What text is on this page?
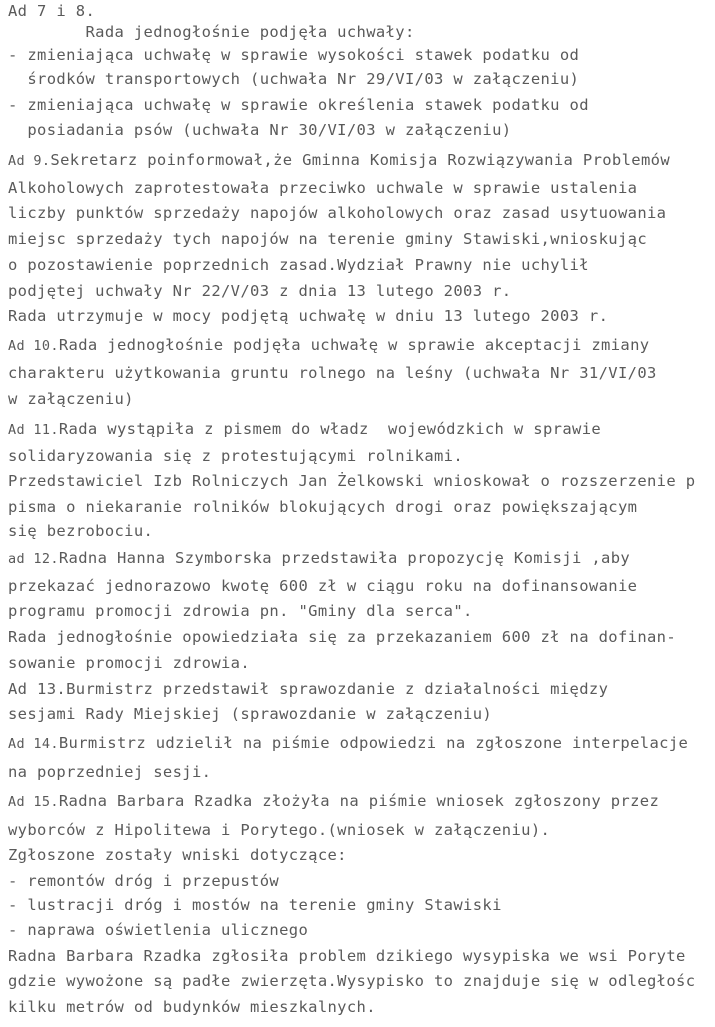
Ad 7 i 8.
Rada jednogłośnie podjęła uchwały:
- zmieniająca uchwałę w sprawie wysokości stawek podatku od
środków transportowych (uchwała Nr 29/VI/03 w załączeniu)
- zmieniająca uchwałę w sprawie określenia stawek podatku od
posiadania psów (uchwała Nr 30/VI/03 w załączeniu)
Ad 9.Sekretarz poinformował,że Gminna Komisja Rozwiązywania Problemów
Alkoholowych zaprotestowała przeciwko uchwale w sprawie ustalenia
liczby punktów sprzedaży napojów alkoholowych oraz zasad usytuowania
miejsc sprzedaży tych napojów na terenie gminy Stawiski,wnioskując
o pozostawienie poprzednich zasad.Wydział Prawny nie uchylił
podjętej uchwały Nr 22/V/03 z dnia 13 lutego 2003 r.
Rada utrzymuje w mocy podjętą uchwałę w dniu 13 lutego 2003 r.
Ad 10.Rada jednogłośnie podjęła uchwałę w sprawie akceptacji zmiany
charakteru użytkowania gruntu rolnego na leśny (uchwała Nr 31/VI/03
w załączeniu)
Ad 11.Rada wystąpiła z pismem do władz  wojewódzkich w sprawie
solidaryzowania się z protestującymi rolnikami.
Przedstawiciel Izb Rolniczych Jan Żelkowski wnioskował o rozszerzenie p
pisma o niekaranie rolników blokujących drogi oraz powiększającym
się bezrobociu.
ad 12.Radna Hanna Szymborska przedstawiła propozycję Komisji ,aby
przekazać jednorazowo kwotę 600 zł w ciągu roku na dofinansowanie
programu promocji zdrowia pn. "Gminy dla serca".
Rada jednogłośnie opowiedziała się za przekazaniem 600 zł na dofinan-
sowanie promocji zdrowia.
Ad 13.Burmistrz przedstawił sprawozdanie z działalności między
sesjami Rady Miejskiej (sprawozdanie w załączeniu)
Ad 14.Burmistrz udzielił na piśmie odpowiedzi na zgłoszone interpelacje
na poprzedniej sesji.
Ad 15.Radna Barbara Rzadka złożyła na piśmie wniosek zgłoszony przez
wyborców z Hipolitewa i Porytego.(wniosek w załączeniu).
Zgłoszone zostały wniski dotyczące:
- remontów dróg i przepustów
- lustracji dróg i mostów na terenie gminy Stawiski
- naprawa oświetlenia ulicznego
Radna Barbara Rzadka zgłosiła problem dzikiego wysypiska we wsi Poryte
gdzie wywożone są padłe zwierzęta.Wysypisko to znajduje się w odległośc
kilku metrów od budynków mieszkalnych.
